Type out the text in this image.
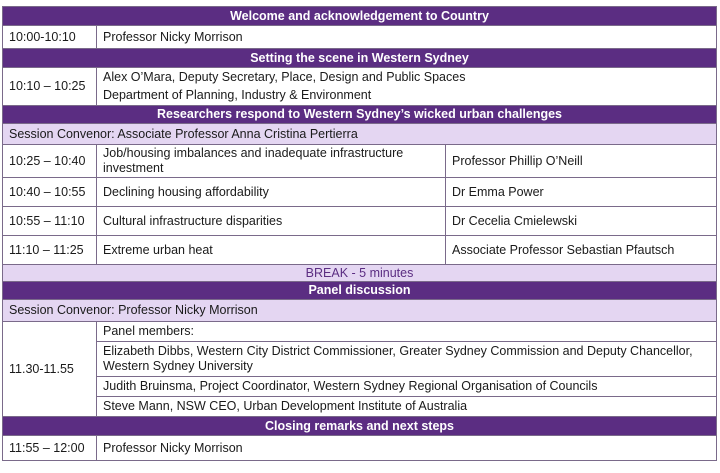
Welcome and acknowledgement to Country		
10:00-10:10	Professor Nicky Morrison	
Setting the scene in Western Sydney		
10:10 – 10:25	Alex O’Mara, Deputy Secretary, Place, Design and Public Spaces
Department of Planning, Industry & Environment	

Researchers respond to Western Sydney’s wicked urban challenges		
Session Convenor: Associate Professor Anna Cristina Pertierra		
10:25 – 10:40	Job/housing imbalances and inadequate infrastructure investment	Professor Phillip O’Neill
10:40 – 10:55	Declining housing affordability	Dr Emma Power
10:55 – 11:10	Cultural infrastructure disparities	Dr Cecelia Cmielewski
11:10 – 11:25	Extreme urban heat	Associate Professor Sebastian Pfautsch
BREAK - 5 minutes		
Panel discussion		
Session Convenor: Professor Nicky Morrison		
11.30-11.55	Panel members:
Elizabeth Dibbs, Western City District Commissioner, Greater Sydney Commission and Deputy Chancellor, Western Sydney University
Judith Bruinsma, Project Coordinator, Western Sydney Regional Organisation of Councils
Steve Mann, NSW CEO, Urban Development Institute of Australia	

Closing remarks and next steps		
11:55 – 12:00	Professor Nicky Morrison	
